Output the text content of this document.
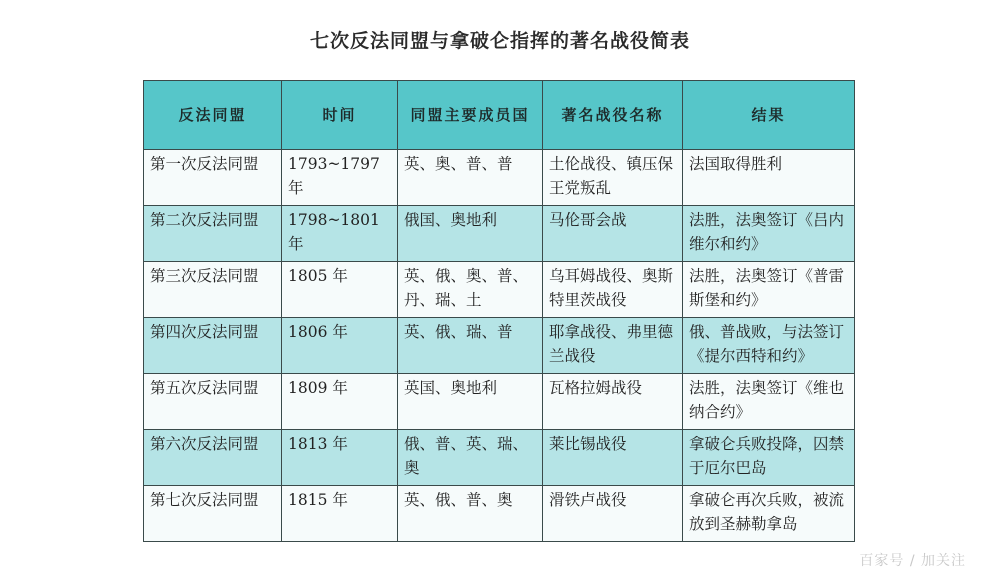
七次反法同盟与拿破仑指挥的著名战役简表
反法同盟	时间	同盟主要成员国	著名战役名称	结果
第一次反法同盟	1793~1797 年	英、奥、普、普	土伦战役、镇压保王党叛乱	法国取得胜利
第二次反法同盟	1798~1801 年	俄国、奥地利	马伦哥会战	法胜，法奥签订《吕内维尔和约》
第三次反法同盟	1805 年	英、俄、奥、普、丹、瑞、土	乌耳姆战役、奥斯特里茨战役	法胜，法奥签订《普雷斯堡和约》
第四次反法同盟	1806 年	英、俄、瑞、普	耶拿战役、弗里德兰战役	俄、普战败，与法签订《提尔西特和约》
第五次反法同盟	1809 年	英国、奥地利	瓦格拉姆战役	法胜，法奥签订《维也纳合约》
第六次反法同盟	1813 年	俄、普、英、瑞、奥	莱比锡战役	拿破仑兵败投降，囚禁于厄尔巴岛
第七次反法同盟	1815 年	英、俄、普、奥	滑铁卢战役	拿破仑再次兵败，被流放到圣赫勒拿岛
百家号 / 加关注
